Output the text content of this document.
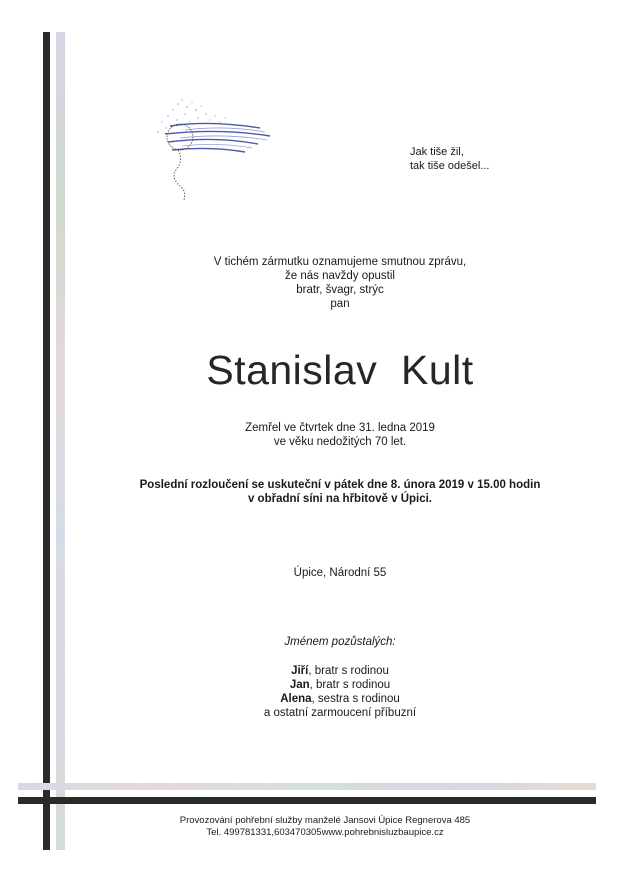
Jak tiše žil,
tak tiše odešel...
V tichém zármutku oznamujeme smutnou zprávu,
že nás navždy opustil
bratr, švagr, strýc
pan
Stanislav  Kult
Zemřel ve čtvrtek dne 31. ledna 2019
ve věku nedožitých 70 let.
Poslední rozloučení se uskuteční v pátek dne 8. února 2019 v 15.00 hodin
v obřadní síni na hřbitově v Úpici.
Úpice, Národní 55
Jménem pozůstalých:
Jiří, bratr s rodinou
Jan, bratr s rodinou
Alena, sestra s rodinou
a ostatní zarmoucení příbuzní
Provozování pohřební služby manželé Jansovi Úpice Regnerova 485
Tel. 499781331,603470305www.pohrebnisluzbaupice.cz
